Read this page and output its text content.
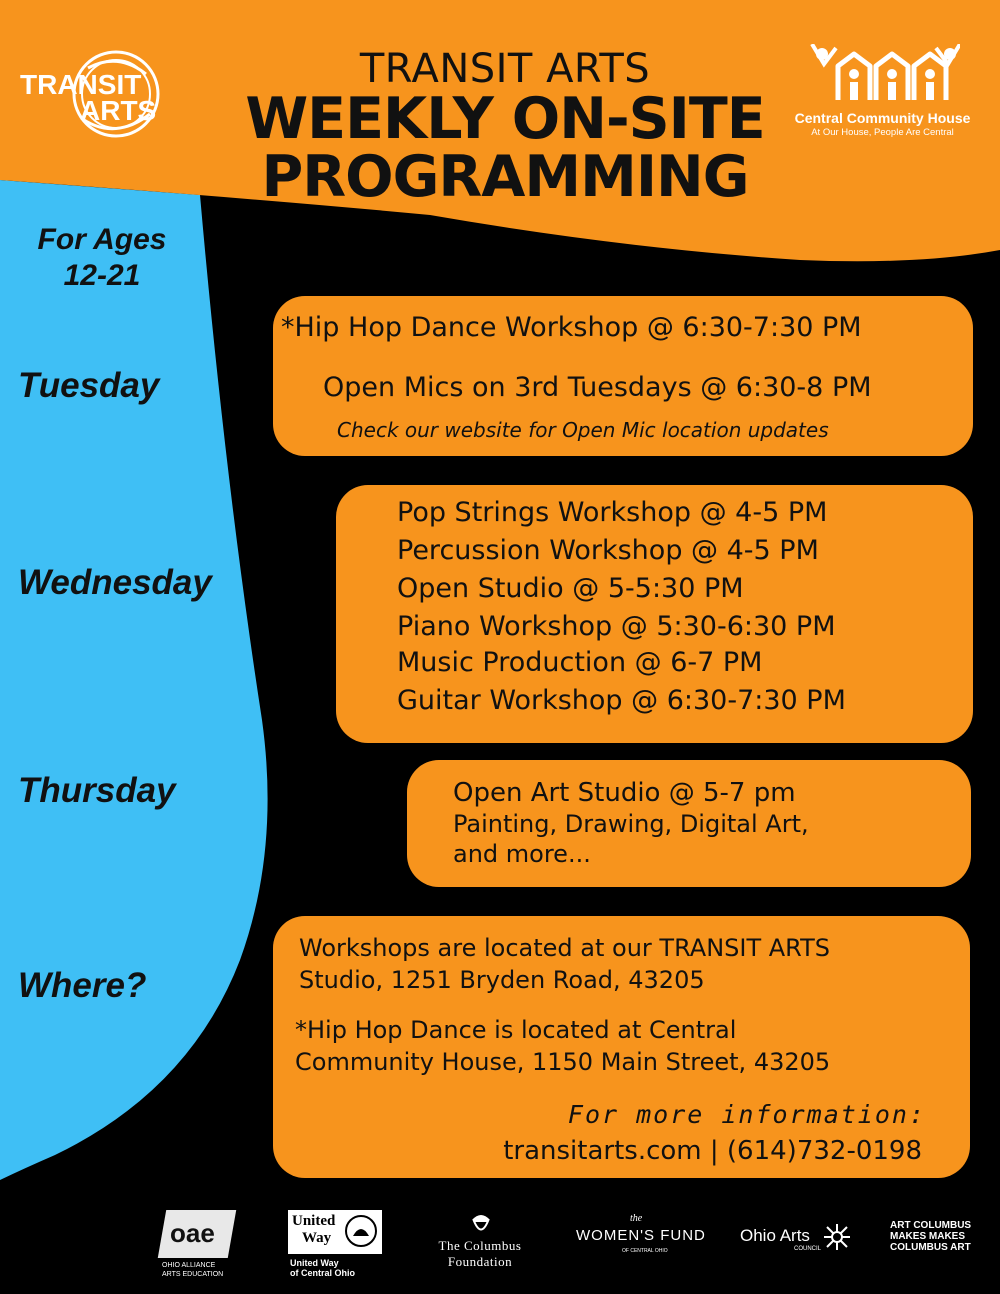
TRANSIT
ARTS
TRANSIT ARTS
WEEKLY ON-SITE
PROGRAMMING
Central Community House
At Our House, People Are Central
For Ages
12-21
Tuesday
Wednesday
Thursday
Where?
*Hip Hop Dance Workshop @ 6:30-7:30 PM
Open Mics on 3rd Tuesdays @ 6:30-8 PM
Check our website for Open Mic location updates
Pop Strings Workshop @ 4-5 PM
Percussion Workshop @ 4-5 PM
Open Studio @ 5-5:30 PM
Piano Workshop @ 5:30-6:30 PM
Music Production @ 6-7 PM
Guitar Workshop @ 6:30-7:30 PM
Open Art Studio @ 5-7 pm
Painting, Drawing, Digital Art,
and more...
Workshops are located at our TRANSIT ARTS
Studio, 1251 Bryden Road, 43205
*Hip Hop Dance is located at Central
Community House, 1150 Main Street, 43205
For more information:
transitarts.com | (614)732-0198
oae
OHIO ALLIANCE
ARTS EDUCATION
United
Way
United Way
of Central Ohio
The Columbus
Foundation
the
WOMEN'S FUND
OF CENTRAL OHIO
Ohio Arts
COUNCIL
ART COLUMBUS
MAKES MAKES
COLUMBUS ART
